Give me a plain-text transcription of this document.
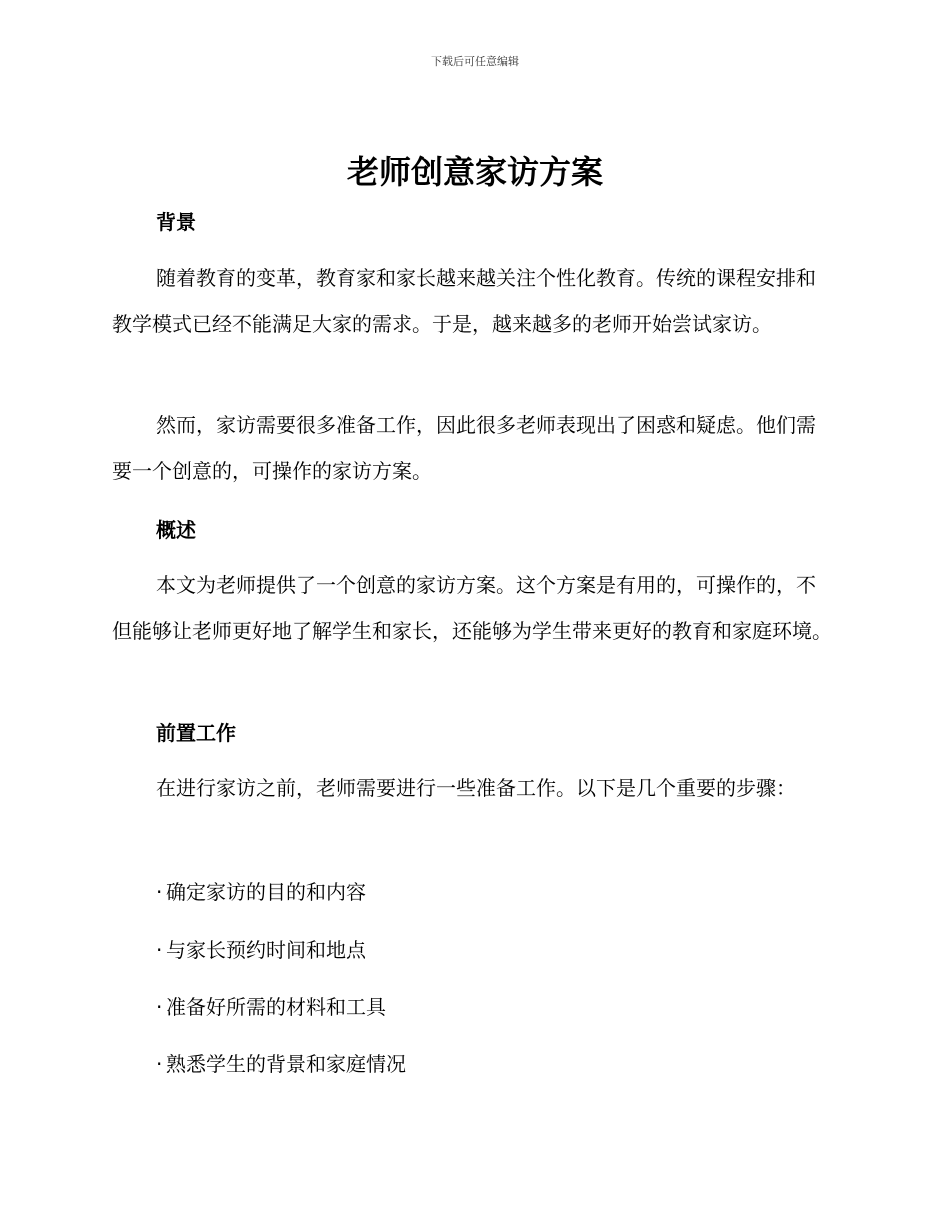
下载后可任意编辑
老师创意家访方案
背景

随着教育的变革，教育家和家长越来越关注个性化教育。传统的课程安排和教学模式已经不能满足大家的需求。于是，越来越多的老师开始尝试家访。

然而，家访需要很多准备工作，因此很多老师表现出了困惑和疑虑。他们需要一个创意的，可操作的家访方案。

概述

本文为老师提供了一个创意的家访方案。这个方案是有用的，可操作的，不但能够让老师更好地了解学生和家长，还能够为学生带来更好的教育和家庭环境。

前置工作

在进行家访之前，老师需要进行一些准备工作。以下是几个重要的步骤：

· 确定家访的目的和内容
· 与家长预约时间和地点
· 准备好所需的材料和工具
· 熟悉学生的背景和家庭情况
